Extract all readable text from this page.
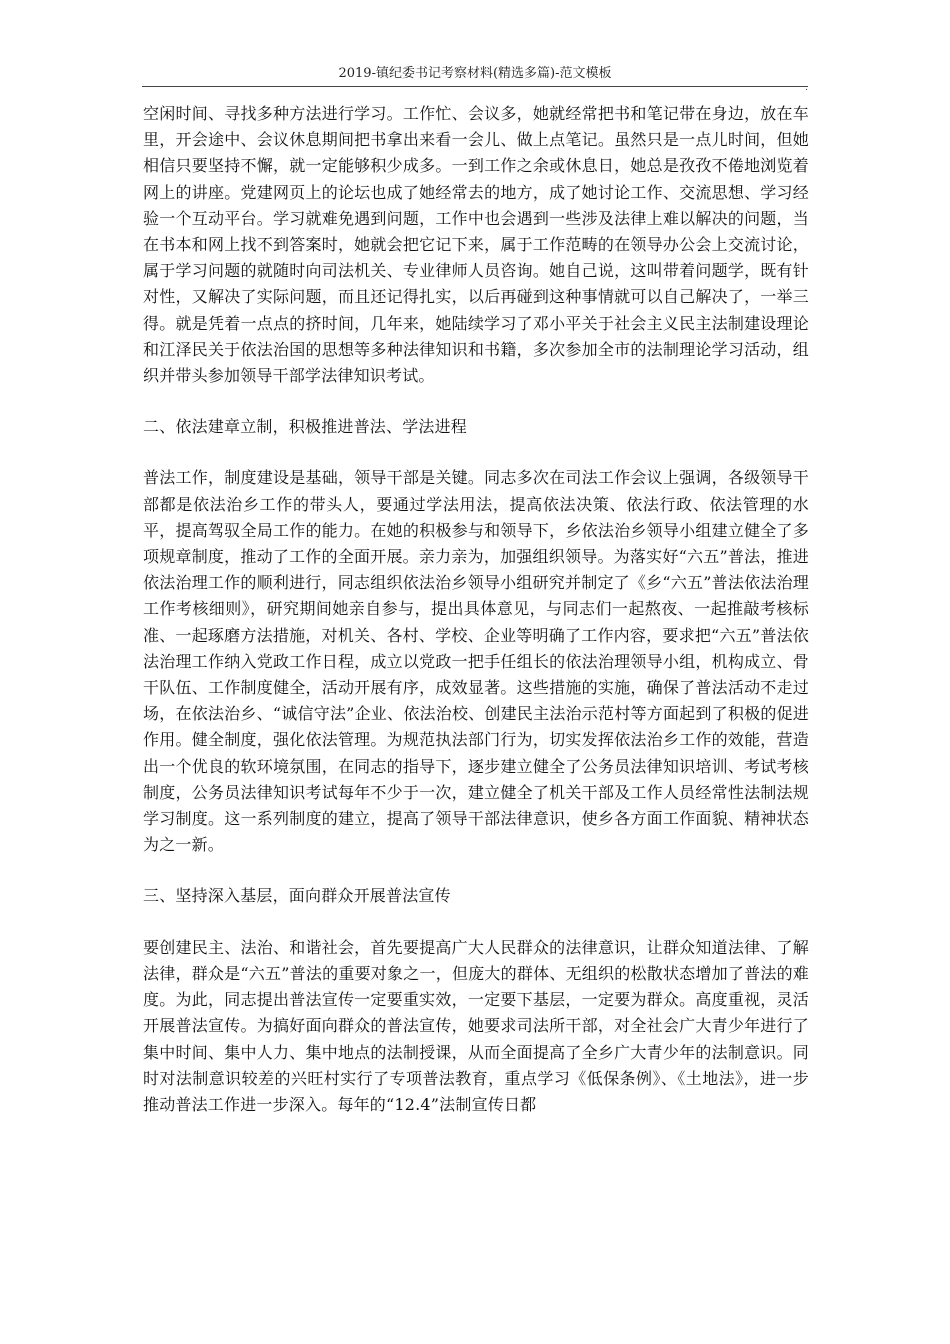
2019-镇纪委书记考察材料(精选多篇)-范文模板
.

空闲时间、寻找多种方法进行学习。工作忙、会议多，她就经常把书和笔记带在身边，放在车里，开会途中、会议休息期间把书拿出来看一会儿、做上点笔记。虽然只是一点儿时间，但她相信只要坚持不懈，就一定能够积少成多。一到工作之余或休息日，她总是孜孜不倦地浏览着网上的讲座。党建网页上的论坛也成了她经常去的地方，成了她讨论工作、交流思想、学习经验一个互动平台。学习就难免遇到问题，工作中也会遇到一些涉及法律上难以解决的问题，当在书本和网上找不到答案时，她就会把它记下来，属于工作范畴的在领导办公会上交流讨论，属于学习问题的就随时向司法机关、专业律师人员咨询。她自己说，这叫带着问题学，既有针对性，又解决了实际问题，而且还记得扎实，以后再碰到这种事情就可以自己解决了，一举三得。就是凭着一点点的挤时间，几年来，她陆续学习了邓小平关于社会主义民主法制建设理论和江泽民关于依法治国的思想等多种法律知识和书籍，多次参加全市的法制理论学习活动，组织并带头参加领导干部学法律知识考试。

二、依法建章立制，积极推进普法、学法进程

普法工作，制度建设是基础，领导干部是关键。同志多次在司法工作会议上强调，各级领导干部都是依法治乡工作的带头人，要通过学法用法，提高依法决策、依法行政、依法管理的水平，提高驾驭全局工作的能力。在她的积极参与和领导下，乡依法治乡领导小组建立健全了多项规章制度，推动了工作的全面开展。亲力亲为，加强组织领导。为落实好“六五”普法，推进依法治理工作的顺利进行，同志组织依法治乡领导小组研究并制定了《乡“六五”普法依法治理工作考核细则》，研究期间她亲自参与，提出具体意见，与同志们一起熬夜、一起推敲考核标准、一起琢磨方法措施，对机关、各村、学校、企业等明确了工作内容，要求把“六五”普法依法治理工作纳入党政工作日程，成立以党政一把手任组长的依法治理领导小组，机构成立、骨干队伍、工作制度健全，活动开展有序，成效显著。这些措施的实施，确保了普法活动不走过场，在依法治乡、“诚信守法”企业、依法治校、创建民主法治示范村等方面起到了积极的促进作用。健全制度，强化依法管理。为规范执法部门行为，切实发挥依法治乡工作的效能，营造出一个优良的软环境氛围，在同志的指导下，逐步建立健全了公务员法律知识培训、考试考核制度，公务员法律知识考试每年不少于一次，建立健全了机关干部及工作人员经常性法制法规学习制度。这一系列制度的建立，提高了领导干部法律意识，使乡各方面工作面貌、精神状态为之一新。

三、坚持深入基层，面向群众开展普法宣传

要创建民主、法治、和谐社会，首先要提高广大人民群众的法律意识，让群众知道法律、了解法律，群众是“六五”普法的重要对象之一，但庞大的群体、无组织的松散状态增加了普法的难度。为此，同志提出普法宣传一定要重实效，一定要下基层，一定要为群众。高度重视，灵活开展普法宣传。为搞好面向群众的普法宣传，她要求司法所干部，对全社会广大青少年进行了集中时间、集中人力、集中地点的法制授课，从而全面提高了全乡广大青少年的法制意识。同时对法制意识较差的兴旺村实行了专项普法教育，重点学习《低保条例》、《土地法》，进一步推动普法工作进一步深入。每年的“12.4”法制宣传日都
